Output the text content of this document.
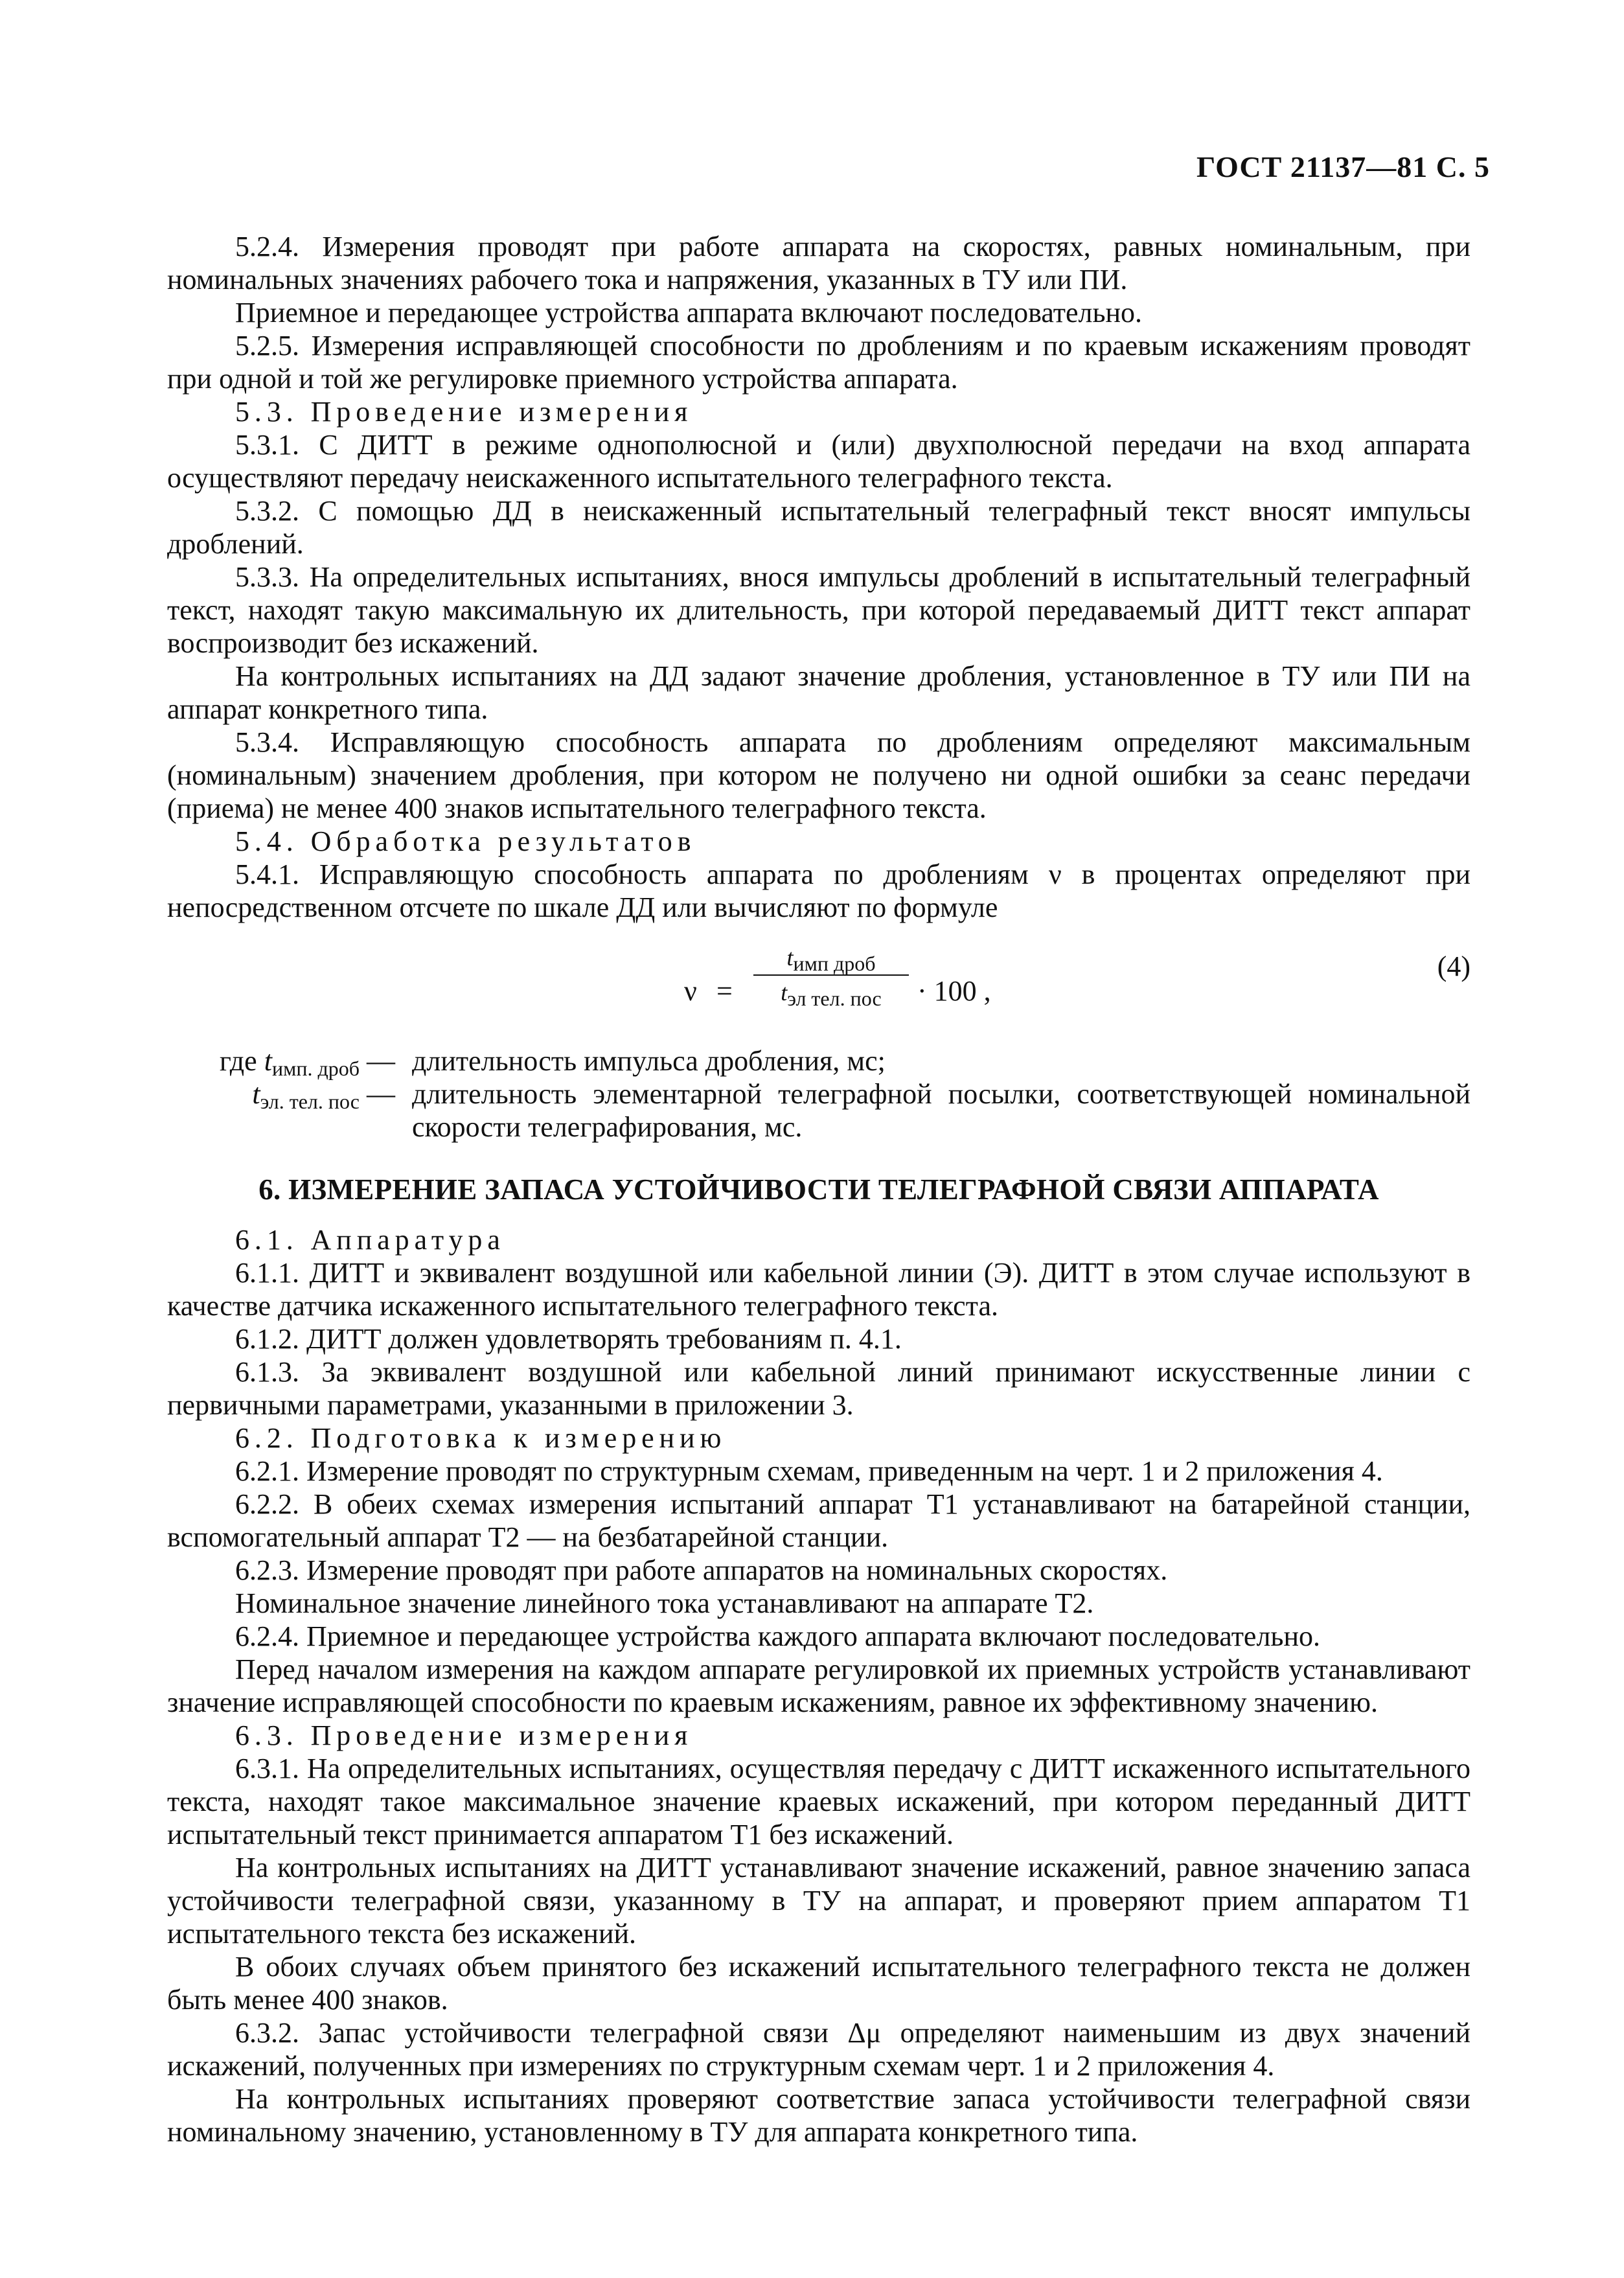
ГОСТ 21137—81 С. 5

5.2.4. Измерения проводят при работе аппарата на скоростях, равных номинальным, при номинальных значениях рабочего тока и напряжения, указанных в ТУ или ПИ.

Приемное и передающее устройства аппарата включают последовательно.

5.2.5. Измерения исправляющей способности по дроблениям и по краевым искажениям проводят при одной и той же регулировке приемного устройства аппарата.

5.3. Проведение измерения

5.3.1. С ДИТТ в режиме однополюсной и (или) двухполюсной передачи на вход аппарата осуществляют передачу неискаженного испытательного телеграфного текста.

5.3.2. С помощью ДД в неискаженный испытательный телеграфный текст вносят импульсы дроблений.

5.3.3. На определительных испытаниях, внося импульсы дроблений в испытательный телеграфный текст, находят такую максимальную их длительность, при которой передаваемый ДИТТ текст аппарат воспроизводит без искажений.

На контрольных испытаниях на ДД задают значение дробления, установленное в ТУ или ПИ на аппарат конкретного типа.

5.3.4. Исправляющую способность аппарата по дроблениям определяют максимальным (номинальным) значением дробления, при котором не получено ни одной ошибки за сеанс передачи (приема) не менее 400 знаков испытательного телеграфного текста.

5.4. Обработка результатов

5.4.1. Исправляющую способность аппарата по дроблениям ν в процентах определяют при непосредственном отсчете по шкале ДД или вычисляют по формуле

ν =
$t_{имп дроб}$
$t_{эл тел. пос}$	· 100 ,
(4)
где $t_{имп. дроб}$ — длительность импульса дробления, мс;
$t_{эл. тел. пос}$ — длительность элементарной телеграфной посылки, соответствующей номинальной скорости телеграфирования, мс.
6. ИЗМЕРЕНИЕ ЗАПАСА УСТОЙЧИВОСТИ ТЕЛЕГРАФНОЙ СВЯЗИ АППАРАТА

6.1. Аппаратура

6.1.1. ДИТТ и эквивалент воздушной или кабельной линии (Э). ДИТТ в этом случае используют в качестве датчика искаженного испытательного телеграфного текста.

6.1.2. ДИТТ должен удовлетворять требованиям п. 4.1.

6.1.3. За эквивалент воздушной или кабельной линий принимают искусственные линии с первичными параметрами, указанными в приложении 3.

6.2. Подготовка к измерению

6.2.1. Измерение проводят по структурным схемам, приведенным на черт. 1 и 2 приложения 4.

6.2.2. В обеих схемах измерения испытаний аппарат Т1 устанавливают на батарейной станции, вспомогательный аппарат Т2 — на безбатарейной станции.

6.2.3. Измерение проводят при работе аппаратов на номинальных скоростях.

Номинальное значение линейного тока устанавливают на аппарате Т2.

6.2.4. Приемное и передающее устройства каждого аппарата включают последовательно.

Перед началом измерения на каждом аппарате регулировкой их приемных устройств устанавливают значение исправляющей способности по краевым искажениям, равное их эффективному значению.

6.3. Проведение измерения

6.3.1. На определительных испытаниях, осуществляя передачу с ДИТТ искаженного испытательного текста, находят такое максимальное значение краевых искажений, при котором переданный ДИТТ испытательный текст принимается аппаратом Т1 без искажений.

На контрольных испытаниях на ДИТТ устанавливают значение искажений, равное значению запаса устойчивости телеграфной связи, указанному в ТУ на аппарат, и проверяют прием аппаратом Т1 испытательного текста без искажений.

В обоих случаях объем принятого без искажений испытательного телеграфного текста не должен быть менее 400 знаков.

6.3.2. Запас устойчивости телеграфной связи Δμ определяют наименьшим из двух значений искажений, полученных при измерениях по структурным схемам черт. 1 и 2 приложения 4.

На контрольных испытаниях проверяют соответствие запаса устойчивости телеграфной связи номинальному значению, установленному в ТУ для аппарата конкретного типа.
